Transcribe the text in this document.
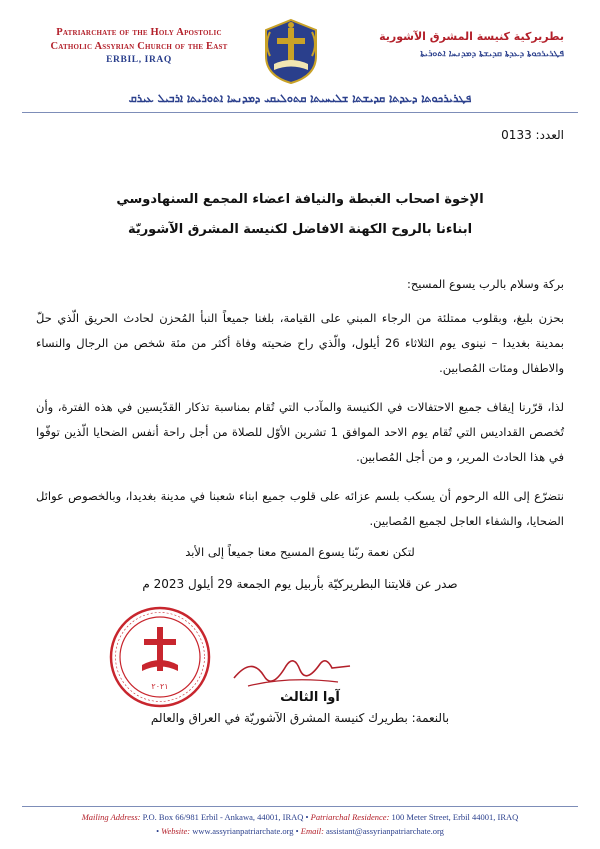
Patriarchate of the Holy Apostolic
Catholic Assyrian Church of the East
ERBIL, IRAQ
بطريركية كنيسة المشرق الآشورية
ܦܛܪܝܪܟܘܬܐ ܕܥܕܬܐ ܩܕܝܫܬܐ ܕܡܕܢܚܐ ܐܬܘܪܝܬܐ
ܦܛܪܝܪܟܘܬܐ ܕܥܕܬܐ ܩܕܝܫܬܐ ܫܠܝܚܝܬܐ ܩܬܘܠܝܩܝ ܕܡܕܢܚܐ ܐܬܘܪܝܬܐ ܐܪܒܝܠ ܥܝܪܩ
العدد: 0133
الإخوة اصحاب الغبطة والنيافة اعضاء المجمع السنهادوسي
ابناءنا بالروح الكهنة الافاضل لكنيسة المشرق الآشوريّة
بركة وسلام بالرب يسوع المسيح:
بحزن بليغ، وبقلوب ممتلئة من الرجاء المبني على القيامة، بلغنا جميعاً النبأ المُحزن لحادث الحريق الّذي حلّ بمدينة بغديدا – نينوى يوم الثلاثاء 26 أيلول، والّذي راح ضحيته وفاة أكثر من مئة شخص من الرجال والنساء والاطفال ومئات المُصابين.
لذا، قرّرنا إيقاف جميع الاحتفالات في الكنيسة والمآدب التي تُقام بمناسبة تذكار القدّيسين في هذه الفترة، وأن تُخصص القداديس التي تُقام يوم الاحد الموافق 1 تشرين الأوّل للصلاة من أجل راحة أنفس الضحايا الّذين توفّوا في هذا الحادث المرير، و من أجل المُصابين.
نتضرّع إلى الله الرحوم أن يسكب بلسم عزائه على قلوب جميع ابناء شعبنا في مدينة بغديدا، وبالخصوص عوائل الضحايا، والشفاء العاجل لجميع المُصابين.
لتكن نعمة ربّنا يسوع المسيح معنا جميعاً إلى الأبد
صدر عن قلايتنا البطريركيّة بأربيل يوم الجمعة 29 أيلول 2023 م
٢٠٢١
آوا الثالث
بالنعمة: بطريرك كنيسة المشرق الآشوريّة في العراق والعالم
Mailing Address: P.O. Box 66/981 Erbil - Ankawa, 44001, IRAQ • Patriarchal Residence: 100 Meter Street, Erbil 44001, IRAQ
• Website: www.assyrianpatriarchate.org • Email: assistant@assyrianpatriarchate.org
